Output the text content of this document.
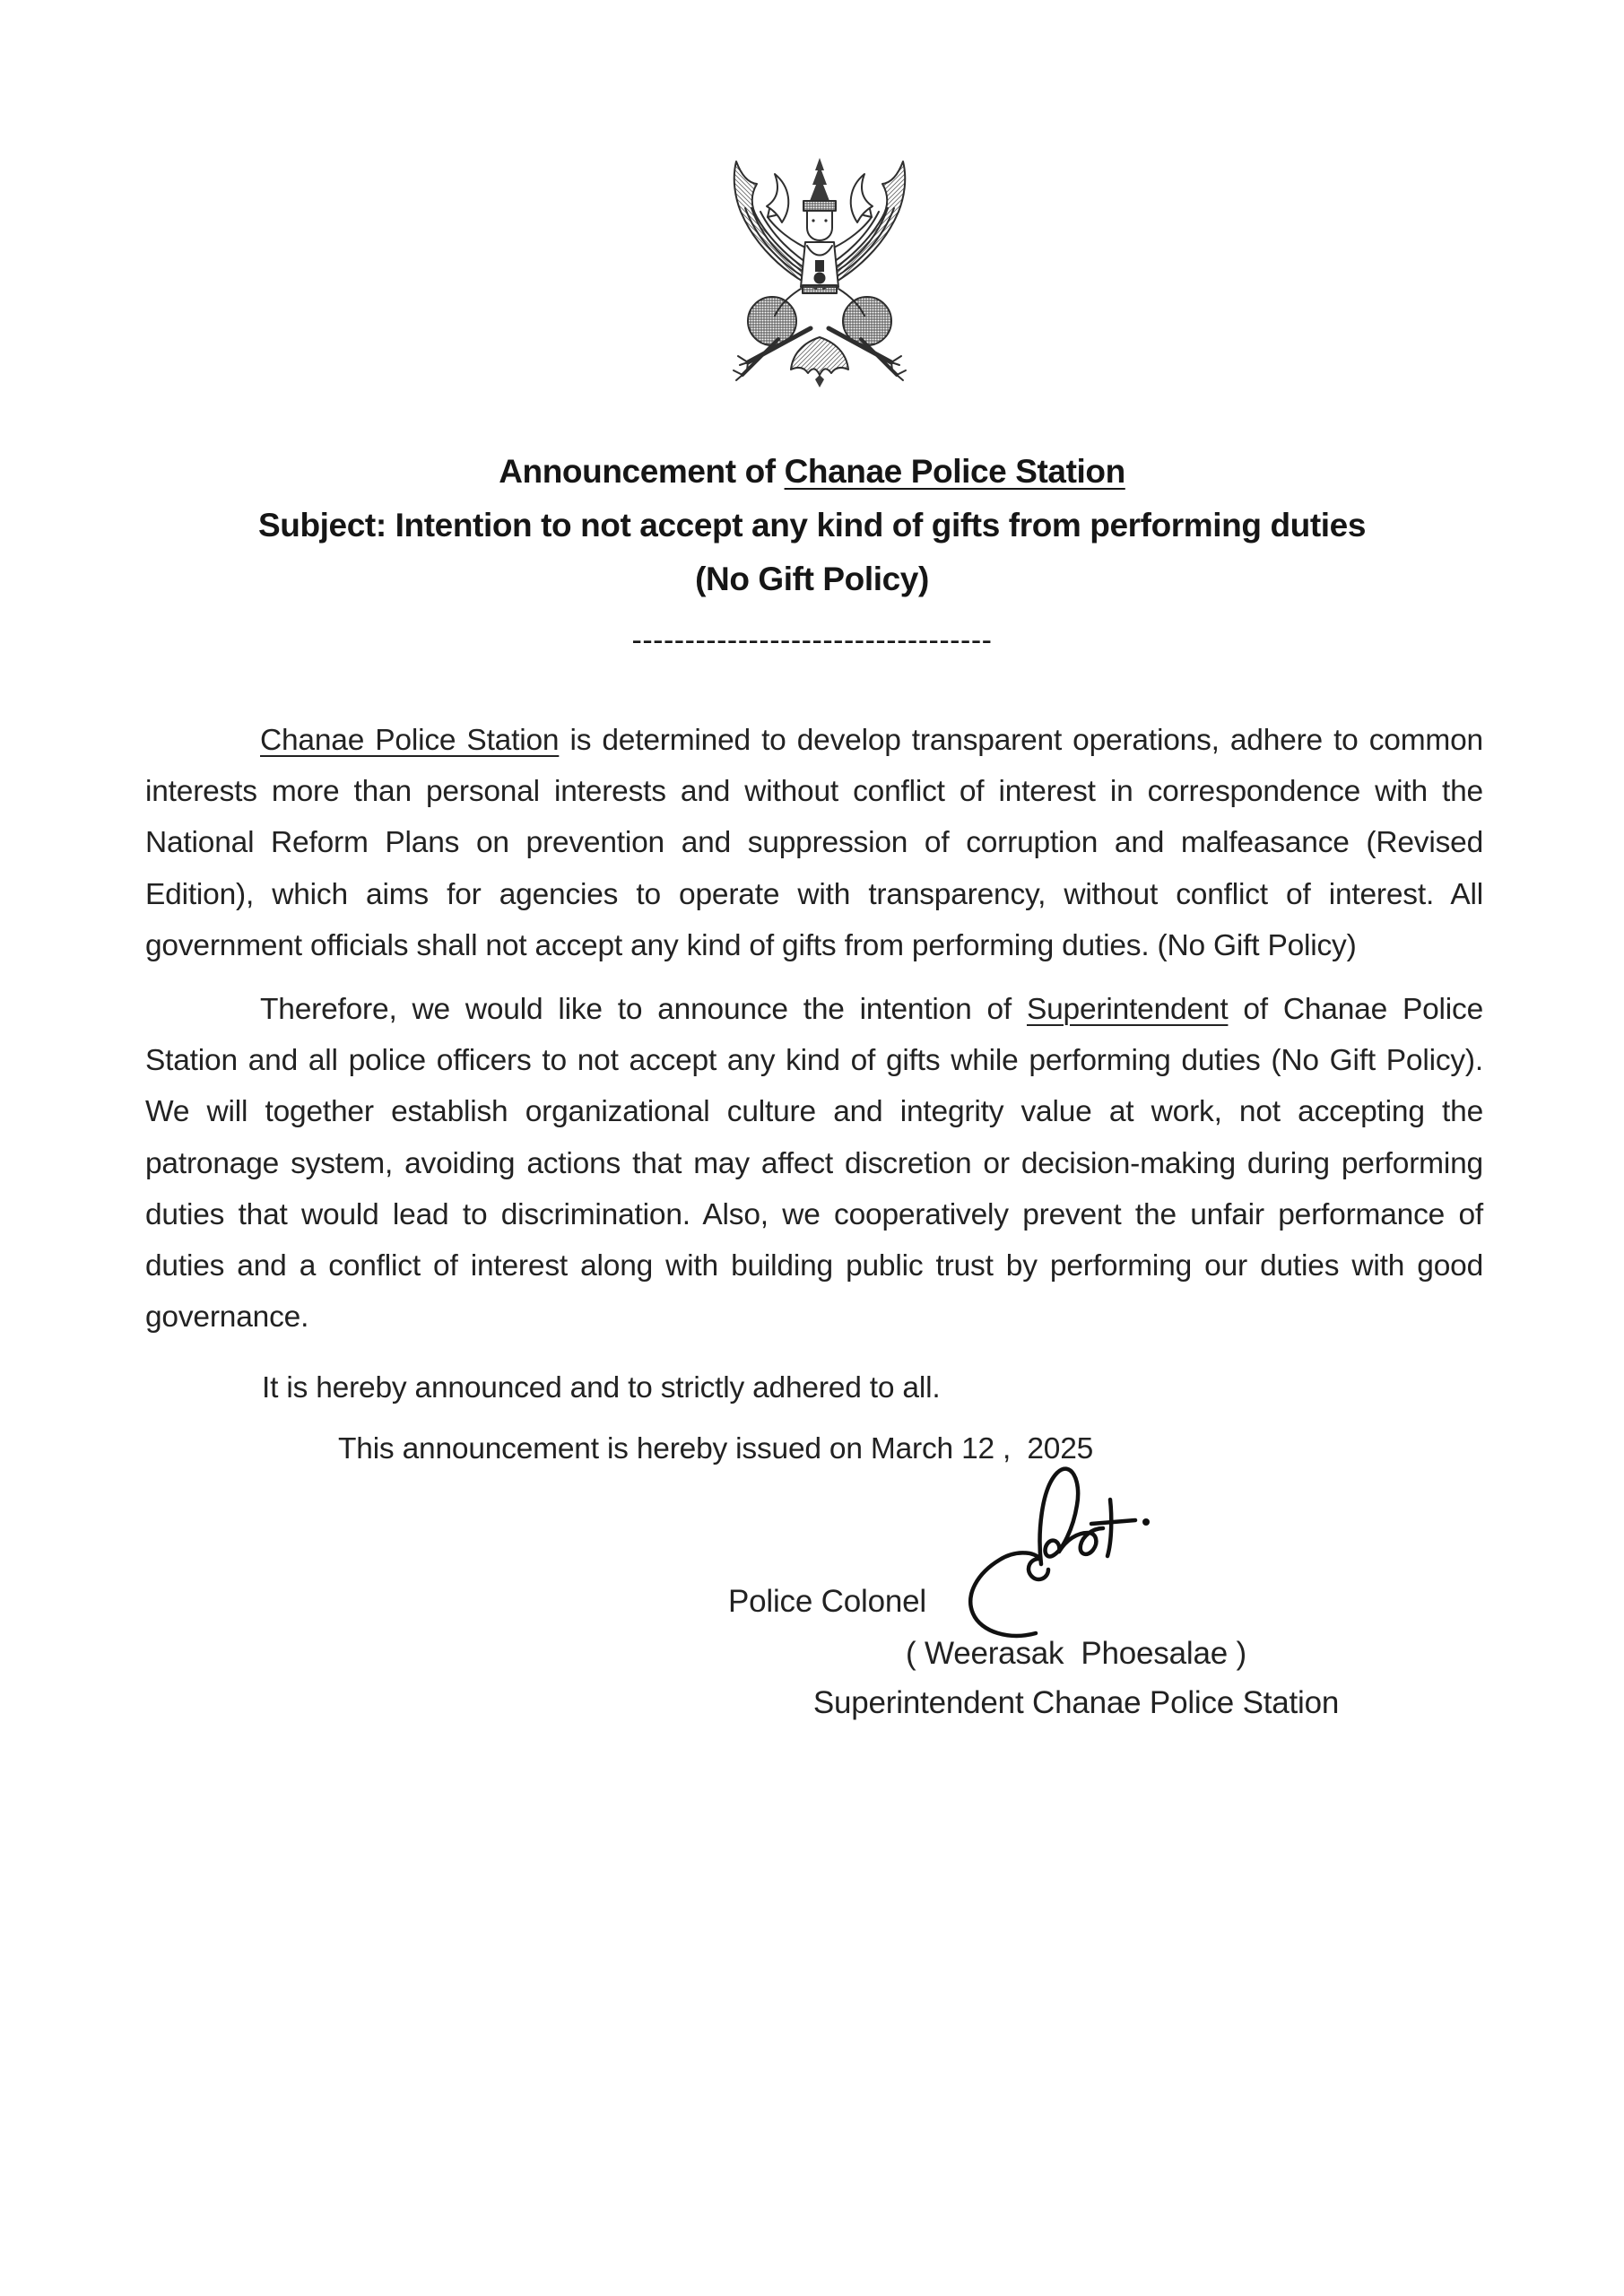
Announcement of Chanae Police Station
Subject: Intention to not accept any kind of gifts from performing duties
(No Gift Policy)
----------------------------------

Chanae Police Station is determined to develop transparent operations, adhere to common interests more than personal interests and without conflict of interest in correspondence with the National Reform Plans on prevention and suppression of corruption and malfeasance (Revised Edition), which aims for agencies to operate with transparency, without conflict of interest. All government officials shall not accept any kind of gifts from performing duties. (No Gift Policy)

Therefore, we would like to announce the intention of Superintendent of Chanae Police Station and all police officers to not accept any kind of gifts while performing duties (No Gift Policy). We will together establish organizational culture and integrity value at work, not accepting the patronage system, avoiding actions that may affect discretion or decision-making during performing duties that would lead to discrimination. Also, we cooperatively prevent the unfair performance of duties and a conflict of interest along with building public trust by performing our duties with good governance.

It is hereby announced and to strictly adhered to all.

This announcement is hereby issued on March 12 ,  2025

Police Colonel
( Weerasak  Phoesalae )
Superintendent Chanae Police Station
